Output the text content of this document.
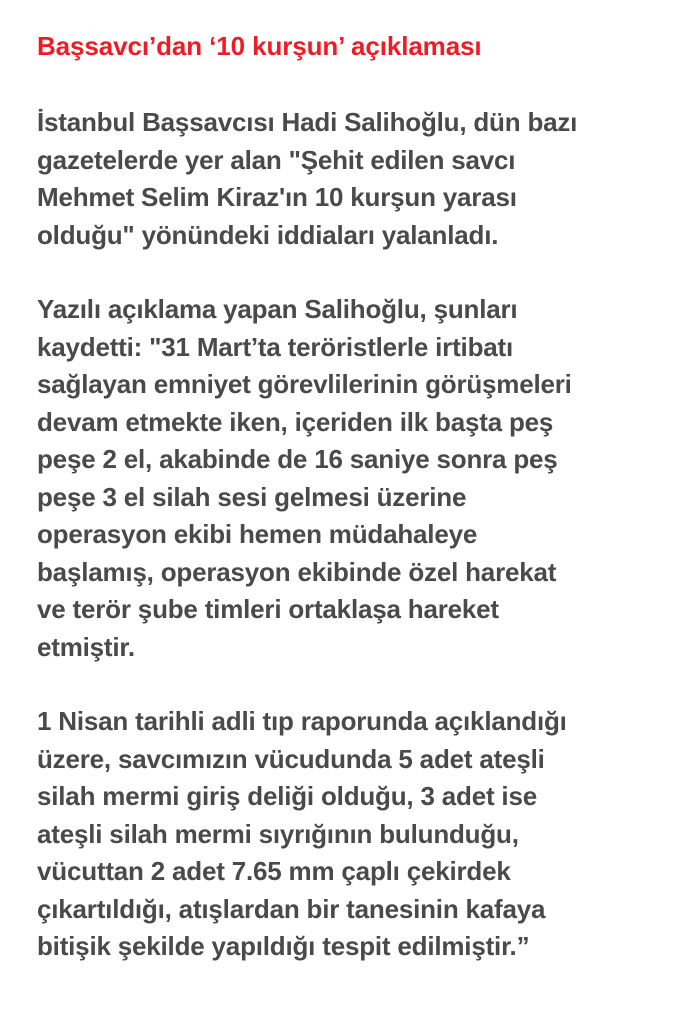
Başsavcı’dan ‘10 kurşun’ açıklaması

İstanbul Başsavcısı Hadi Salihoğlu, dün bazı
gazetelerde yer alan "Şehit edilen savcı
Mehmet Selim Kiraz'ın 10 kurşun yarası
olduğu" yönündeki iddiaları yalanladı.

Yazılı açıklama yapan Salihoğlu, şunları
kaydetti: "31 Mart’ta teröristlerle irtibatı
sağlayan emniyet görevlilerinin görüşmeleri
devam etmekte iken, içeriden ilk başta peş
peşe 2 el, akabinde de 16 saniye sonra peş
peşe 3 el silah sesi gelmesi üzerine
operasyon ekibi hemen müdahaleye
başlamış, operasyon ekibinde özel harekat
ve terör şube timleri ortaklaşa hareket
etmiştir.

1 Nisan tarihli adli tıp raporunda açıklandığı
üzere, savcımızın vücudunda 5 adet ateşli
silah mermi giriş deliği olduğu, 3 adet ise
ateşli silah mermi sıyrığının bulunduğu,
vücuttan 2 adet 7.65 mm çaplı çekirdek
çıkartıldığı, atışlardan bir tanesinin kafaya
bitişik şekilde yapıldığı tespit edilmiştir.”
